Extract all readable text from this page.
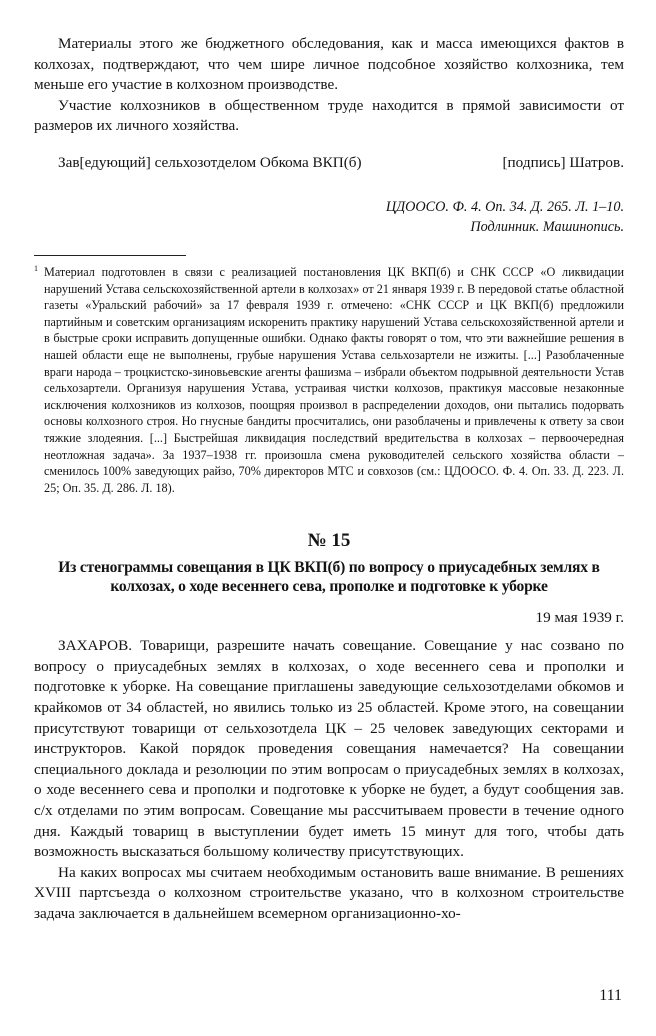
Материалы этого же бюджетного обследования, как и масса имеющихся фактов в колхозах, подтверждают, что чем шире личное подсобное хозяйство колхозника, тем меньше его участие в колхозном производстве.

Участие колхозников в общественном труде находится в прямой зависимости от размеров их личного хозяйства.

Зав[едующий] сельхозотделом Обкома ВКП(б)	[подпись] Шатров.
ЦДООСО. Ф. 4. Оп. 34. Д. 265. Л. 1–10.
Подлинник. Машинопись.

1 Материал подготовлен в связи с реализацией постановления ЦК ВКП(б) и СНК СССР «О ликвидации нарушений Устава сельскохозяйственной артели в колхозах» от 21 января 1939 г. В передовой статье областной газеты «Уральский рабочий» за 17 февраля 1939 г. отмечено: «СНК СССР и ЦК ВКП(б) предложили партийным и советским организациям искоренить практику нарушений Устава сельскохозяйственной артели и в быстрые сроки исправить допущенные ошибки. Однако факты говорят о том, что эти важнейшие решения в нашей области еще не выполнены, грубые нарушения Устава сельхозартели не изжиты. [...] Разоблаченные враги народа – троцкистско-зиновьевские агенты фашизма – избрали объектом подрывной деятельности Устав сельхозартели. Организуя нарушения Устава, устраивая чистки колхозов, практикуя массовые незаконные исключения колхозников из колхозов, поощряя произвол в распределении доходов, они пытались подорвать основы колхозного строя. Но гнусные бандиты просчитались, они разоблачены и привлечены к ответу за свои тяжкие злодеяния. [...] Быстрейшая ликвидация последствий вредительства в колхозах – первоочередная неотложная задача». За 1937–1938 гг. произошла смена руководителей сельского хозяйства области – сменилось 100% заведующих райзо, 70% директоров МТС и совхозов (см.: ЦДООСО. Ф. 4. Оп. 33. Д. 223. Л. 25; Оп. 35. Д. 286. Л. 18).

№ 15

Из стенограммы совещания в ЦК ВКП(б) по вопросу о приусадебных землях в колхозах, о ходе весеннего сева, прополке и подготовке к уборке

19 мая 1939 г.

ЗАХАРОВ. Товарищи, разрешите начать совещание. Совещание у нас созвано по вопросу о приусадебных землях в колхозах, о ходе весеннего сева и прополки и подготовке к уборке. На совещание приглашены заведующие сельхозотделами обкомов и крайкомов от 34 областей, но явились только из 25 областей. Кроме этого, на совещании присутствуют товарищи от сельхозотдела ЦК – 25 человек заведующих секторами и инструкторов. Какой порядок проведения совещания намечается? На совещании специального доклада и резолюции по этим вопросам о приусадебных землях в колхозах, о ходе весеннего сева и прополки и подготовке к уборке не будет, а будут сообщения зав. с/х отделами по этим вопросам. Совещание мы рассчитываем провести в течение одного дня. Каждый товарищ в выступлении будет иметь 15 минут для того, чтобы дать возможность высказаться большому количеству присутствующих.

На каких вопросах мы считаем необходимым остановить ваше внимание. В решениях XVIII партсъезда о колхозном строительстве указано, что в колхозном строительстве задача заключается в дальнейшем всемерном организационно-хо-

111
